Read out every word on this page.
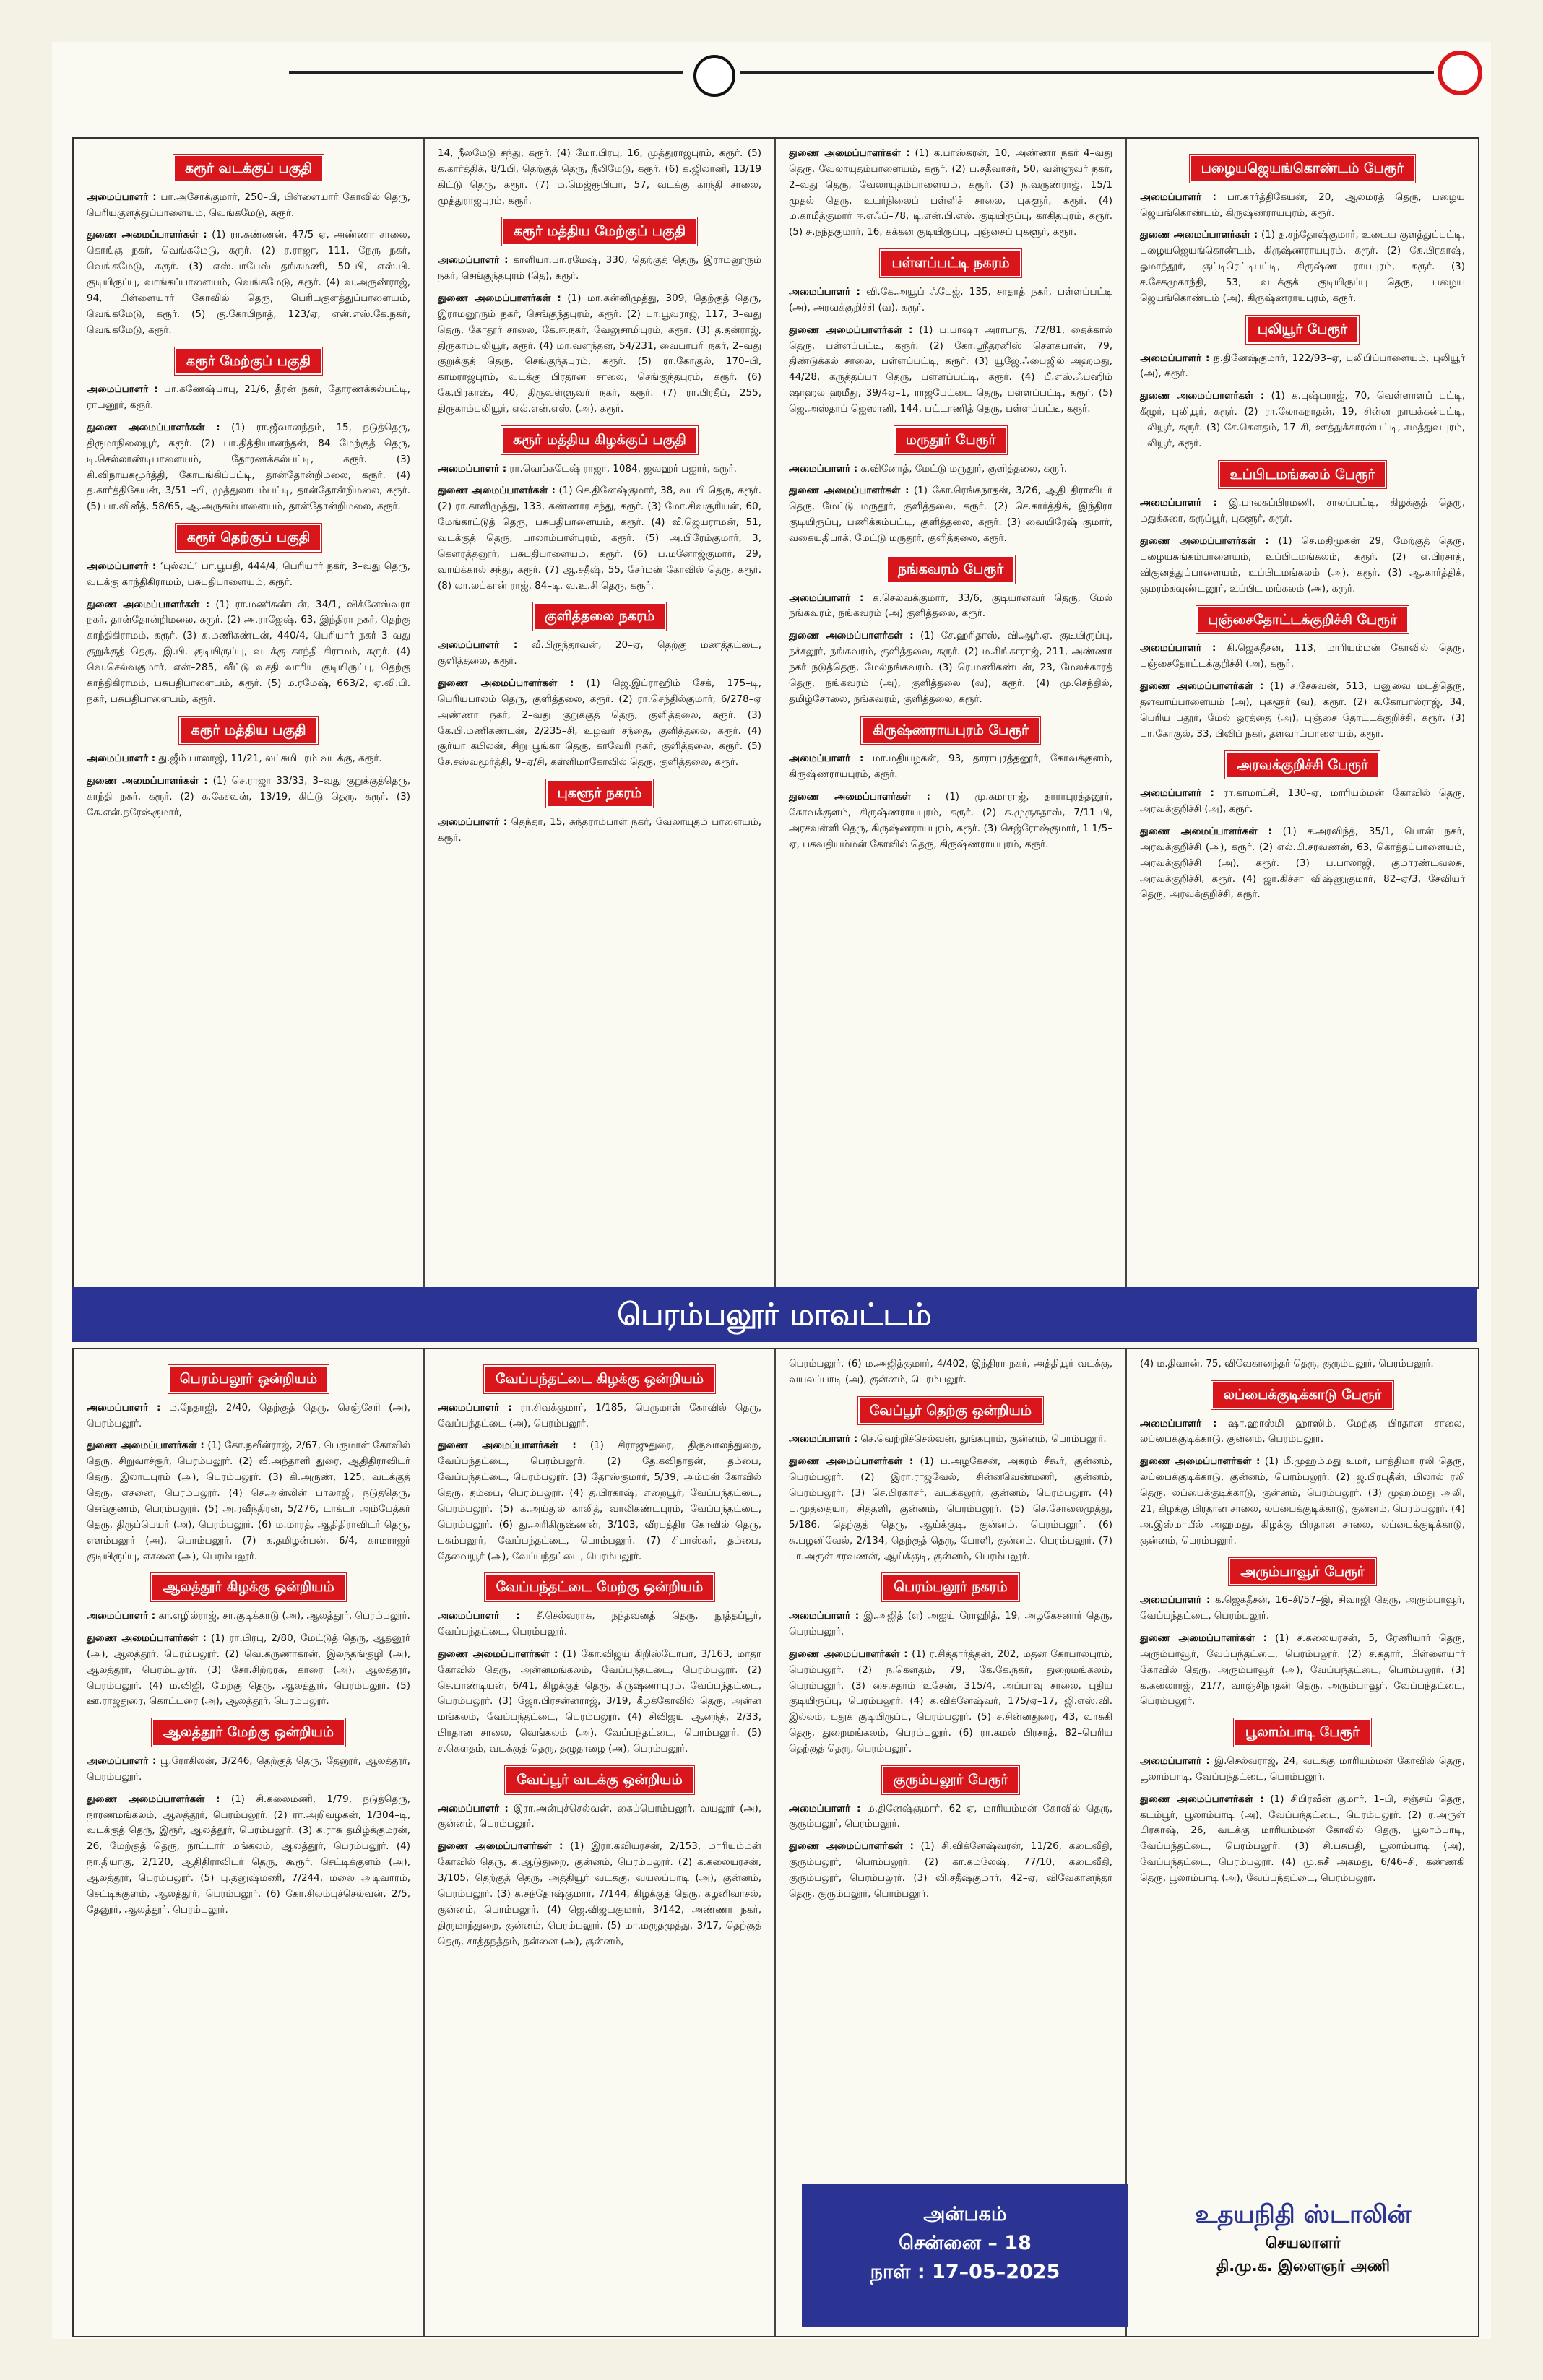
கரூர் வடக்குப் பகுதி

அமைப்பாளர் : பா.அசோக்குமார், 250–பி, பிள்ளையார் கோவில் தெரு, பெரியகுளத்துப்பாளையம், வெங்கமேடு, கரூர்.

துணை அமைப்பாளர்கள் : (1) ரா.கண்ணன், 47/5–ஏ, அண்ணா சாலை, கொங்கு நகர், வெங்கமேடு, கரூர். (2) ர.ராஜா, 111, நேரு நகர், வெங்கமேடு, கரூர். (3) எஸ்.பாபேஸ் தங்கமணி, 50–பி, எஸ்.பி. குடியிருப்பு, வாங்கப்பாளையம், வெங்கமேடு, கரூர். (4) வ.அருண்ராஜ், 94, பிள்ளையார் கோவில் தெரு, பெரியகுளத்துப்பாளையம், வெங்கமேடு, கரூர். (5) கு.கோபிநாத், 123/ஏ, என்.எஸ்.கே.நகர், வெங்கமேடு, கரூர்.

கரூர் மேற்குப் பகுதி

அமைப்பாளர் : பா.கணேஷ்பாபு, 21/6, தீரன் நகர், தோரணக்கல்பட்டி, ராயனூர், கரூர்.

துணை அமைப்பாளர்கள் : (1) ரா.ஜீவானந்தம், 15, நடுத்தெரு, திருமாநிலையூர், கரூர். (2) பா.தித்தியானந்தன், 84 மேற்குத் தெரு, டி.செல்லாண்டிபாளையம், தோரணக்கல்பட்டி, கரூர். (3) கி.விநாயகமூர்த்தி, கோடங்கிப்பட்டி, தான்தோன்றிமலை, கரூர். (4) த.கார்த்திகேயன், 3/51 –பி, முத்துலாடம்பட்டி, தான்தோன்றிமலை, கரூர். (5) பா.வினீத், 58/65, ஆ.அருகம்பாளையம், தான்தோன்றிமலை, கரூர்.

கரூர் தெற்குப் பகுதி

அமைப்பாளர் : ‘புல்லட்’ பா.பூபதி, 444/4, பெரியார் நகர், 3–வது தெரு, வடக்கு காந்திகிராமம், பசுபதிபாளையம், கரூர்.

துணை அமைப்பாளர்கள் : (1) ரா.மணிகண்டன், 34/1, விக்னேஸ்வரா நகர், தான்தோன்றிமலை, கரூர். (2) அ.ராஜேஷ், 63, இந்திரா நகர், தெற்கு காந்திகிராமம், கரூர். (3) க.மணிகண்டன், 440/4, பெரியார் நகர் 3–வது குறுக்குத் தெரு, இ.பி. குடியிருப்பு, வடக்கு காந்தி கிராமம், கரூர். (4) வெ.செல்வகுமார், என்–285, வீட்டு வசதி வாரிய குடியிருப்பு, தெற்கு காந்திகிராமம், பசுபதிபாளையம், கரூர். (5) ம.ரமேஷ், 663/2, ஏ.வி.பி. நகர், பசுபதிபாளையம், கரூர்.

கரூர் மத்திய பகுதி

அமைப்பாளர் : து.ஜீம் பாலாஜி, 11/21, லட்சுமிபுரம் வடக்கு, கரூர்.

துணை அமைப்பாளர்கள் : (1) செ.ராஜா 33/33, 3–வது குறுக்குத்தெரு, காந்தி நகர், கரூர். (2) க.கேசவன், 13/19, கிட்டு தெரு, கரூர். (3) கே.என்.நரேஷ்குமார்,

14, நீலமேடு சந்து, கரூர். (4) மோ.பிரபு, 16, முத்துராஜபுரம், கரூர். (5) க.கார்த்திக், 8/1பி, தெற்குத் தெரு, நீலிமேடு, கரூர். (6) க.ஜிலானி, 13/19 கிட்டு தெரு, கரூர். (7) ம.மெஜ்ரூபியா, 57, வடக்கு காந்தி சாலை, முத்துராஜபுரம், கரூர்.

கரூர் மத்திய மேற்குப் பகுதி

அமைப்பாளர் : காளியா.பா.ரமேஷ், 330, தெற்குத் தெரு, இராமனூரும் நகர், செங்குந்தபுரம் (தெ), கரூர்.

துணை அமைப்பாளர்கள் : (1) மா.கன்னிமுத்து, 309, தெற்குத் தெரு, இராமனூரும் நகர், செங்குந்தபுரம், கரூர். (2) பா.பூவராஜ், 117, 3–வது தெரு, கோதூர் சாலை, கே.ஈ.நகர், வேலுசாமிபுரம், கரூர். (3) த.தன்ராஜ், திருகாம்புலியூர், கரூர். (4) மா.வளந்தன், 54/231, வைபாபரி நகர், 2–வது குறுக்குத் தெரு, செங்குந்தபுரம், கரூர். (5) ரா.கோகுல், 170–பி, காமராஜபுரம், வடக்கு பிரதான சாலை, செங்குந்தபுரம், கரூர். (6) கே.பிரகாஷ், 40, திருவள்ளுவர் நகர், கரூர். (7) ரா.பிரதீப், 255, திருகாம்புலியூர், எல்.என்.எஸ். (அ), கரூர்.

கரூர் மத்திய கிழக்குப் பகுதி

அமைப்பாளர் : ரா.வெங்கடேஷ் ராஜா, 1084, ஜவஹர் பஜார், கரூர்.

துணை அமைப்பாளர்கள் : (1) செ.தினேஷ்குமார், 38, வடபி தெரு, கரூர். (2) ரா.காளிமுத்து, 133, கண்ணார சந்து, கரூர். (3) மோ.சிவசூரியன், 60, மேங்காட்டுத் தெரு, பசுபதிபாளையம், கரூர். (4) வீ.ஜெயராமன், 51, வடக்குத் தெரு, பாலாம்பாள்புரம், கரூர். (5) அ.பிரேம்குமார், 3, கௌரத்தனூர், பசுபதிபாளையம், கரூர். (6) ப.மனோஜ்குமார், 29, வாய்க்கால் சந்து, கரூர். (7) ஆ.சதீஷ், 55, சேர்மன் கோவில் தெரு, கரூர். (8) லா.லப்கான் ராஜ், 84–டி, வ.உ.சி தெரு, கரூர்.

குளித்தலை நகரம்

அமைப்பாளர் : வீ.பிருந்தாவன், 20–ஏ, தெற்கு மணத்தட்டை, குளித்தலை, கரூர்.

துணை அமைப்பாளர்கள் : (1) ஜெ.இப்ராஹிம் சேக், 175–டி, பெரியபாலம் தெரு, குளித்தலை, கரூர். (2) ரா.செந்தில்குமார், 6/278–ஏ அண்ணா நகர், 2–வது குறுக்குத் தெரு, குளித்தலை, கரூர். (3) கே.பி.மணிகண்டன், 2/235–சி, உழவர் சந்தை, குளித்தலை, கரூர். (4) சூர்யா கபிலன், சிறு பூங்கா தெரு, காவேரி நகர், குளித்தலை, கரூர். (5) சே.சஸ்வமூர்த்தி, 9–ஏ/சி, கள்ளிமாகோவில் தெரு, குளித்தலை, கரூர்.

புகளூர் நகரம்

அமைப்பாளர் : தெந்தா, 15, சுந்தராம்பாள் நகர், வேலாயுதம் பாளையம், கரூர்.

துணை அமைப்பாளர்கள் : (1) க.பாஸ்கரன், 10, அண்ணா நகர் 4–வது தெரு, வேலாயுதம்பாளையம், கரூர். (2) ப.சதீவாசர், 50, வள்ளுவர் நகர், 2–வது தெரு, வேலாயுதம்பாளையம், கரூர். (3) ந.வருண்ராஜ், 15/1 முதல் தெரு, உயர்நிலைப் பள்ளிச் சாலை, புகளூர், கரூர். (4) ம.காமீத்குமார் ஈ.எஃப்–78, டி.என்.பி.எல். குடியிருப்பு, காகிதபுரம், கரூர். (5) சு.நந்தகுமார், 16, கக்கன் குடியிருப்பு, புஞ்சைப் புகளூர், கரூர்.

பள்ளப்பட்டி நகரம்

அமைப்பாளர் : வி.கே.அயூப் ஃபேஜ், 135, சாதாத் நகர், பள்ளப்பட்டி (அ), அரவக்குறிச்சி (வ), கரூர்.

துணை அமைப்பாளர்கள் : (1) ப.பாஷா அராபாத், 72/81, தைக்கால் தெரு, பள்ளப்பட்டி, கரூர். (2) கோ.ஸ்ரீதரனிஸ் சௌக்பான், 79, திண்டுக்கல் சாலை, பள்ளப்பட்டி, கரூர். (3) யூஜே.ஃபைஜில் அஹமது, 44/28, கருத்தப்பா தெரு, பள்ளப்பட்டி, கரூர். (4) பீ.எஸ்.ஃபஹிம் ஷாஹல் ஹமீது, 39/4ஏ–1, ராஜபேட்டை தெரு, பள்ளப்பட்டி, கரூர். (5) ஜெ.அஸ்தாப் ஜெஸானி, 144, பட்டாணித் தெரு, பள்ளப்பட்டி, கரூர்.

மருதூர் பேரூர்

அமைப்பாளர் : க.வினோத், மேட்டு மருதூர், குளித்தலை, கரூர்.

துணை அமைப்பாளர்கள் : (1) கோ.ரெங்கநாதன், 3/26, ஆதி திராவிடர் தெரு, மேட்டு மருதூர், குளித்தலை, கரூர். (2) செ.கார்த்திக், இந்திரா குடியிருப்பு, பணிக்கம்பட்டி, குளித்தலை, கரூர். (3) வையிரேஷ் குமார், வகையதிபாக், மேட்டு மருதூர், குளித்தலை, கரூர்.

நங்கவரம் பேரூர்

அமைப்பாளர் : க.செல்வக்குமார், 33/6, குடியானவர் தெரு, மேல் நங்கவரம், நங்கவரம் (அ) குளித்தலை, கரூர்.

துணை அமைப்பாளர்கள் : (1) சே.ஹரிதாஸ், வி.ஆர்.ஏ. குடியிருப்பு, நச்சலூர், நங்கவரம், குளித்தலை, கரூர். (2) ம.சிங்காராஜ், 211, அண்ணா நகர் நடுத்தெரு, மேல்நங்கவரம். (3) ரெ.மணிகண்டன், 23, மேலக்காரத் தெரு, நங்கவரம் (அ), குளித்தலை (வ), கரூர். (4) மு.செந்தில், தமிழ்சோலை, நங்கவரம், குளித்தலை, கரூர்.

கிருஷ்ணராயபுரம் பேரூர்

அமைப்பாளர் : மா.மதியழகன், 93, தாராபுரத்தனூர், கோவக்குளம், கிருஷ்ணராயபுரம், கரூர்.

துணை அமைப்பாளர்கள் : (1) மு.கமாராஜ், தாராபுரத்தனூர், கோவக்குளம், கிருஷ்ணராயபுரம், கரூர். (2) க.முருகதாஸ், 7/11–பி, அரசவள்ளி தெரு, கிருஷ்ணராயபுரம், கரூர். (3) செஜ்ரோஷ்குமார், 1 1/5–ஏ, பகவதியம்மன் கோவில் தெரு, கிருஷ்ணராயபுரம், கரூர்.

பழையஜெயங்கொண்டம் பேரூர்

அமைப்பாளர் : பா.கார்த்திகேயன், 20, ஆலமரத் தெரு, பழைய ஜெயங்கொண்டம், கிருஷ்ணராயபுரம், கரூர்.

துணை அமைப்பாளர்கள் : (1) த.சந்தோஷ்குமார், உடைய குளத்துப்பட்டி, பழையஜெயங்கொண்டம், கிருஷ்ணராயபுரம், கரூர். (2) கே.பிரகாஷ், ஓமாந்தூர், குட்டிரெட்டிபட்டி, கிருஷ்ண ராயபுரம், கரூர். (3) ச.சேகமுகாந்தி, 53, வடக்குக் குடியிருப்பு தெரு, பழைய ஜெயங்கொண்டம் (அ), கிருஷ்ணராயபுரம், கரூர்.

புலியூர் பேரூர்

அமைப்பாளர் : ந.தினேஷ்குமார், 122/93–ஏ, புலிபிப்பாளையம், புலியூர் (அ), கரூர்.

துணை அமைப்பாளர்கள் : (1) க.புஷ்பராஜ், 70, வெள்ளாளப் பட்டி, கீழூர், புலியூர், கரூர். (2) ரா.லோகநாதன், 19, சின்ன நாயக்கன்பட்டி, புலியூர், கரூர். (3) சே.கெளதம், 17–சி, ஊத்துக்காரன்பட்டி, சமத்துவபுரம், புலியூர், கரூர்.

உப்பிடமங்கலம் பேரூர்

அமைப்பாளர் : இ.பாலசுப்பிரமணி, சாலப்பட்டி, கிழக்குத் தெரு, மதுக்கரை, கரூப்பூர், புகளூர், கரூர்.

துணை அமைப்பாளர்கள் : (1) செ.மதிமுகன் 29, மேற்குத் தெரு, பழையசுங்கம்பாளையம், உப்பிடமங்கலம், கரூர். (2) எ.பிரசாத், விகுனத்துப்பாளையம், உப்பிடமங்கலம் (அ), கரூர். (3) ஆ.கார்த்திக், குமரம்கவுண்டனூர், உப்பிட மங்கலம் (அ), கரூர்.

புஞ்சைதோட்டக்குறிச்சி பேரூர்

அமைப்பாளர் : கி.ஜெகதீசன், 113, மாரியம்மன் கோவில் தெரு, புஞ்சைதோட்டக்குறிச்சி (அ), கரூர்.

துணை அமைப்பாளர்கள் : (1) ச.சேசுவன், 513, பனுவை மடத்தெரு, தளவாய்பாளையம் (அ), புகளூர் (வ), கரூர். (2) க.கோபால்ராஜ், 34, பெரிய பதூர், மேல் ஒரத்தை (அ), புஞ்சை தோட்டக்குறிச்சி, கரூர். (3) பா.கோகுல், 33, பிவிப் நகர், தளவாய்பாளையம், கரூர்.

அரவக்குறிச்சி பேரூர்

அமைப்பாளர் : ரா.காமாட்சி, 130–ஏ, மாரியம்மன் கோவில் தெரு, அரவக்குறிச்சி (அ), கரூர்.

துணை அமைப்பாளர்கள் : (1) ச.அரவிந்த், 35/1, பொன் நகர், அரவக்குறிச்சி (அ), கரூர். (2) எல்.பி.சரவணன், 63, கொத்தப்பாளையம், அரவக்குறிச்சி (அ), கரூர். (3) ப.பாலாஜி, குமாரண்டவலசு, அரவக்குறிச்சி, கரூர். (4) ஜா.கிச்சா விஷ்ணுகுமார், 82–ஏ/3, சேவியர் தெரு, அரவக்குறிச்சி, கரூர்.

பெரம்பலூர் மாவட்டம்
பெரம்பலூர் ஒன்றியம்

அமைப்பாளர் : ம.நேதாஜி, 2/40, தெற்குத் தெரு, செஞ்சேரி (அ), பெரம்பலூர்.

துணை அமைப்பாளர்கள் : (1) கோ.நவீன்ராஜ், 2/67, பெருமாள் கோவில் தெரு, சிறுவாச்சூர், பெரம்பலூர். (2) வீ.அந்தாளி துரை, ஆதிதிராவிடர் தெரு, இலாடபுரம் (அ), பெரம்பலூர். (3) கி.அருண், 125, வடக்குத் தெரு, எசனை, பெரம்பலூர். (4) செ.அன்லின் பாலாஜி, நடுத்தெரு, செங்குணம், பெரம்பலூர். (5) அ.ரவீந்திரன், 5/276, டாக்டர் அம்பேத்கர் தெரு, திருப்பெயர் (அ), பெரம்பலூர். (6) ம.மாரத், ஆதிதிராவிடர் தெரு, எளம்பலூர் (அ), பெரம்பலூர். (7) க.தமிழன்பன், 6/4, காமராஜர் குடியிருப்பு, எசனை (அ), பெரம்பலூர்.

ஆலத்தூர் கிழக்கு ஒன்றியம்

அமைப்பாளர் : கா.எழில்ராஜ், சா.குடிக்காடு (அ), ஆலத்தூர், பெரம்பலூர்.

துணை அமைப்பாளர்கள் : (1) ரா.பிரபு, 2/80, மேட்டுத் தெரு, ஆதனூர் (அ), ஆலத்தூர், பெரம்பலூர். (2) வெ.கருணாகரன், இலந்தங்குழி (அ), ஆலத்தூர், பெரம்பலூர். (3) சோ.சிற்றரசு, காரை (அ), ஆலத்தூர், பெரம்பலூர். (4) ம.விஜி, மேற்கு தெரு, ஆலத்தூர், பெரம்பலூர். (5) ஊ.ராஜதுரை, கொட்டரை (அ), ஆலத்தூர், பெரம்பலூர்.

ஆலத்தூர் மேற்கு ஒன்றியம்

அமைப்பாளர் : பூ.ரோகிலன், 3/246, தெற்குத் தெரு, தேனூர், ஆலத்தூர், பெரம்பலூர்.

துணை அமைப்பாளர்கள் : (1) சி.கலைமணி, 1/79, நடுத்தெரு, நாரணமங்கலம், ஆலத்தூர், பெரம்பலூர். (2) ரா.அறிவழகன், 1/304–டி, வடக்குத் தெரு, இரூர், ஆலத்தூர், பெரம்பலூர். (3) க.ராசு தமிழ்க்குமரன், 26, மேற்குத் தெரு, நாட்டார் மங்கலம், ஆலத்தூர், பெரம்பலூர். (4) நா.தியாகு, 2/120, ஆதிதிராவிடர் தெரு, கூரூர், செட்டிக்குளம் (அ), ஆலத்தூர், பெரம்பலூர். (5) பு.தனுஷ்மணி, 7/244, மலை அடிவாரம், செட்டிக்குளம், ஆலத்தூர், பெரம்பலூர். (6) கோ.சிலம்புச்செல்வன், 2/5, தேனூர், ஆலத்தூர், பெரம்பலூர்.

வேப்பந்தட்டை கிழக்கு ஒன்றியம்

அமைப்பாளர் : ரா.சிவக்குமார், 1/185, பெருமாள் கோவில் தெரு, வேப்பந்தட்டை (அ), பெரம்பலூர்.

துணை அமைப்பாளர்கள் : (1) சிராஜுதுரை, திருவாலந்துறை, வேப்பந்தட்டை, பெரம்பலூர். (2) தே.கவிநாதன், தம்பை, வேப்பந்தட்டை, பெரம்பலூர். (3) தோஸ்குமார், 5/39, அம்மன் கோவில் தெரு, தம்பை, பெரம்பலூர். (4) த.பிரகாஷ், எறையூர், வேப்பந்தட்டை, பெரம்பலூர். (5) க.அய்துல் காலித், வாலிகண்டபுரம், வேப்பந்தட்டை, பெரம்பலூர். (6) து.அரிகிருஷ்ணன், 3/103, வீரபத்திர கோவில் தெரு, பசும்பலூர், வேப்பந்தட்டை, பெரம்பலூர். (7) சிபாஸ்கர், தம்பை, தேவையூர் (அ), வேப்பந்தட்டை, பெரம்பலூர்.

வேப்பந்தட்டை மேற்கு ஒன்றியம்

அமைப்பாளர் : சீ.செல்வராசு, நந்தவனத் தெரு, நூத்தப்பூர், வேப்பந்தட்டை, பெரம்பலூர்.

துணை அமைப்பாளர்கள் : (1) கோ.விஜய் கிறிஸ்டோபர், 3/163, மாதா கோவில் தெரு, அன்னமங்கலம், வேப்பந்தட்டை, பெரம்பலூர். (2) செ.பாண்டியன், 6/41, கிழக்குத் தெரு, கிருஷ்ணாபுரம், வேப்பந்தட்டை, பெரம்பலூர். (3) ஜோ.பிரசன்னராஜ், 3/19, கீழக்கோவில் தெரு, அன்ன மங்கலம், வேப்பந்தட்டை, பெரம்பலூர். (4) சிவிஜய் ஆனந்த், 2/33, பிரதான சாலை, வெங்கலம் (அ), வேப்பந்தட்டை, பெரம்பலூர். (5) ச.கெளதம், வடக்குத் தெரு, தழுதாழை (அ), பெரம்பலூர்.

வேப்பூர் வடக்கு ஒன்றியம்

அமைப்பாளர் : இரா.அன்புச்செல்வன், கைப்பெரம்பலூர், வயலூர் (அ), குன்னம், பெரம்பலூர்.

துணை அமைப்பாளர்கள் : (1) இரா.கவியரசன், 2/153, மாரியம்மன் கோவில் தெரு, க.ஆடுதுறை, குன்னம், பெரம்பலூர். (2) க.கலையரசன், 3/105, தெற்குத் தெரு, அத்தியூர் வடக்கு, வயலப்பாடி (அ), குன்னம், பெரம்பலூர். (3) க.சந்தோஷ்குமார், 7/144, கிழக்குத் தெரு, கழனிவாசல், குன்னம், பெரம்பலூர். (4) ஜெ.விஜயகுமார், 3/142, அண்ணா நகர், திருமாந்துறை, குன்னம், பெரம்பலூர். (5) மா.மருதமுத்து, 3/17, தெற்குத் தெரு, சாத்தநத்தம், நன்னை (அ), குன்னம்,

பெரம்பலூர். (6) ம.அஜித்குமார், 4/402, இந்திரா நகர், அத்தியூர் வடக்கு, வயலப்பாடி (அ), குன்னம், பெரம்பலூர்.

வேப்பூர் தெற்கு ஒன்றியம்

அமைப்பாளர் : செ.வெற்றிச்செல்வன், துங்கபுரம், குன்னம், பெரம்பலூர்.

துணை அமைப்பாளர்கள் : (1) ப.அழகேசன், அகரம் சீகூர், குன்னம், பெரம்பலூர். (2) இரா.ராஜவேல், சின்னவெண்மணி, குன்னம், பெரம்பலூர். (3) செ.பிரகாசர், வடக்கலூர், குன்னம், பெரம்பலூர். (4) ப.முத்தையா, சித்தளி, குன்னம், பெரம்பலூர். (5) செ.சோலைமுத்து, 5/186, தெற்குத் தெரு, ஆய்க்குடி, குன்னம், பெரம்பலூர். (6) சு.பழனிவேல், 2/134, தெற்குத் தெரு, பேரளி, குன்னம், பெரம்பலூர். (7) பா.அருள் சரவணன், ஆய்க்குடி, குன்னம், பெரம்பலூர்.

பெரம்பலூர் நகரம்

அமைப்பாளர் : இ.அஜித் (எ) அஜய் ரோஹித், 19, அழகேசனார் தெரு, பெரம்பலூர்.

துணை அமைப்பாளர்கள் : (1) ர.சித்தார்த்தன், 202, மதன கோபாலபுரம், பெரம்பலூர். (2) ந.கௌதம், 79, கே.கே.நகர், துறைமங்கலம், பெரம்பலூர். (3) சை.சதாம் உசேன், 315/4, அப்பாவு சாலை, புதிய குடியிருப்பு, பெரம்பலூர். (4) க.விக்னேஷ்வர், 175/ஏ–17, ஜி.எஸ்.வி. இல்லம், புதுக் குடியிருப்பு, பெரம்பலூர். (5) ச.சின்னதுரை, 43, வாசுகி தெரு, துறைமங்கலம், பெரம்பலூர். (6) ரா.கமல் பிரசாத், 82–பெரிய தெற்குத் தெரு, பெரம்பலூர்.

குரும்பலூர் பேரூர்

அமைப்பாளர் : ம.தினேஷ்குமார், 62–ஏ, மாரியம்மன் கோவில் தெரு, குரும்பலூர், பெரம்பலூர்.

துணை அமைப்பாளர்கள் : (1) சி.விக்னேஷ்வரன், 11/26, கடைவீதி, குரும்பலூர், பெரம்பலூர். (2) கா.கமலேஷ், 77/10, கடைவீதி, குரும்பலூர், பெரம்பலூர். (3) வி.சதீஷ்குமார், 42–ஏ, விவேகானந்தர் தெரு, குரும்பலூர், பெரம்பலூர்.

(4) ம.திவான், 75, விவேகானந்தர் தெரு, குரும்பலூர், பெரம்பலூர்.

லப்பைக்குடிக்காடு பேரூர்

அமைப்பாளர் : ஷா.ஹாஸ்மி ஹாஸிம், மேற்கு பிரதான சாலை, லப்பைக்குடிக்காடு, குன்னம், பெரம்பலூர்.

துணை அமைப்பாளர்கள் : (1) மீ.முஹம்மது உமர், பாத்திமா ரலி தெரு, லப்பைக்குடிக்காடு, குன்னம், பெரம்பலூர். (2) ஜ.பிரபுதீன், பிலால் ரலி தெரு, லப்பைக்குடிக்காடு, குன்னம், பெரம்பலூர். (3) முஹம்மது அலி, 21, கிழக்கு பிரதான சாலை, லப்பைக்குடிக்காடு, குன்னம், பெரம்பலூர். (4) அ.இஸ்மாயீல் அஹமது, கிழக்கு பிரதான சாலை, லப்பைக்குடிக்காடு, குன்னம், பெரம்பலூர்.

அரும்பாவூர் பேரூர்

அமைப்பாளர் : க.ஜெகதீசன், 16–சி/57–இ, சிவாஜி தெரு, அரும்பாவூர், வேப்பந்தட்டை, பெரம்பலூர்.

துணை அமைப்பாளர்கள் : (1) ச.கலையரசன், 5, ரேணியார் தெரு, அரும்பாவூர், வேப்பந்தட்டை, பெரம்பலூர். (2) ச.கதார், பிள்ளையார் கோவில் தெரு, அரும்பாவூர் (அ), வேப்பந்தட்டை, பெரம்பலூர். (3) க.கலைராஜ், 21/7, வாஞ்சிநாதன் தெரு, அரும்பாவூர், வேப்பந்தட்டை, பெரம்பலூர்.

பூலாம்பாடி பேரூர்

அமைப்பாளர் : இ.செல்வராஜ், 24, வடக்கு மாரியம்மன் கோவில் தெரு, பூலாம்பாடி, வேப்பந்தட்டை, பெரம்பலூர்.

துணை அமைப்பாளர்கள் : (1) சிபிரவீன் குமார், 1–பி, சஞ்சய் தெரு, கடம்பூர், பூலாம்பாடி (அ), வேப்பந்தட்டை, பெரம்பலூர். (2) ர.அருள் பிரகாஷ், 26, வடக்கு மாரியம்மன் கோவில் தெரு, பூலாம்பாடி, வேப்பந்தட்டை, பெரம்பலூர். (3) சி.பசுபதி, பூலாம்பாடி (அ), வேப்பந்தட்டை, பெரம்பலூர். (4) மு.சுசீ அகமது, 6/46–சி, கண்ணகி தெரு, பூலாம்பாடி (அ), வேப்பந்தட்டை, பெரம்பலூர்.

அன்பகம்
சென்னை – 18
நாள் : 17–05–2025
உதயநிதி ஸ்டாலின்
செயலாளர்
தி.மு.க. இளைஞர் அணி
